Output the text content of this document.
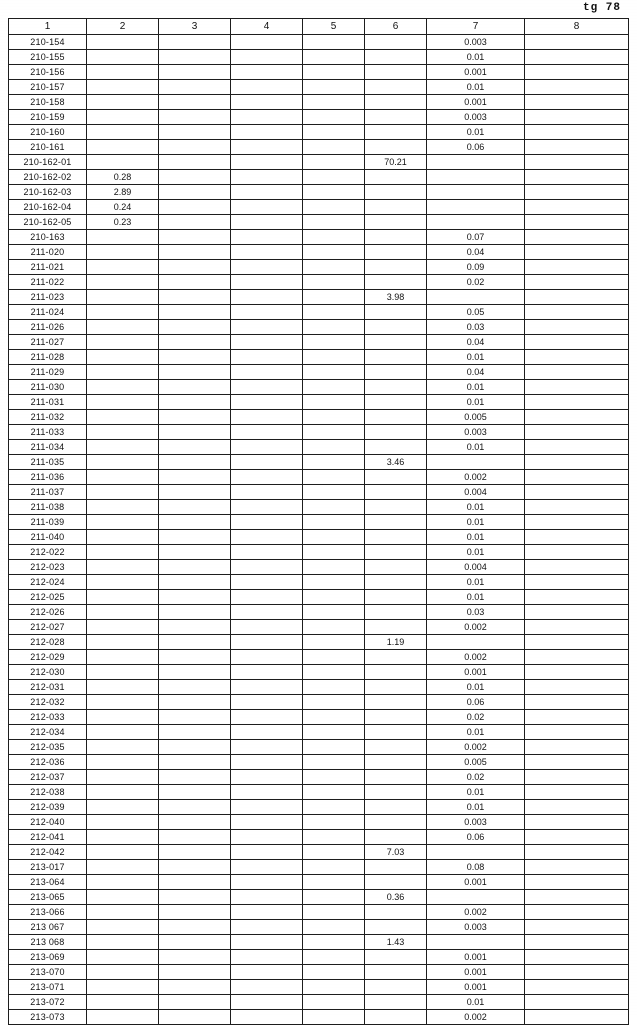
tg 78
1	2	3	4	5	6	7	8
210-154						0.003	
210-155						0.01	
210-156						0.001	
210-157						0.01	
210-158						0.001	
210-159						0.003	
210-160						0.01	
210-161						0.06	
210-162-01					70.21		
210-162-02	0.28						
210-162-03	2.89						
210-162-04	0.24						
210-162-05	0.23						
210-163						0.07	
211-020						0.04	
211-021						0.09	
211-022						0.02	
211-023					3.98		
211-024						0.05	
211-026						0.03	
211-027						0.04	
211-028						0.01	
211-029						0.04	
211-030						0.01	
211-031						0.01	
211-032						0.005	
211-033						0.003	
211-034						0.01	
211-035					3.46		
211-036						0.002	
211-037						0.004	
211-038						0.01	
211-039						0.01	
211-040						0.01	
212-022						0.01	
212-023						0.004	
212-024						0.01	
212-025						0.01	
212-026						0.03	
212-027						0.002	
212-028					1.19		
212-029						0.002	
212-030						0.001	
212-031						0.01	
212-032						0.06	
212-033						0.02	
212-034						0.01	
212-035						0.002	
212-036						0.005	
212-037						0.02	
212-038						0.01	
212-039						0.01	
212-040						0.003	
212-041						0.06	
212-042					7.03		
213-017						0.08	
213-064						0.001	
213-065					0.36		
213-066						0.002	
213 067						0.003	
213 068					1.43		
213-069						0.001	
213-070						0.001	
213-071						0.001	
213-072						0.01	
213-073						0.002	
